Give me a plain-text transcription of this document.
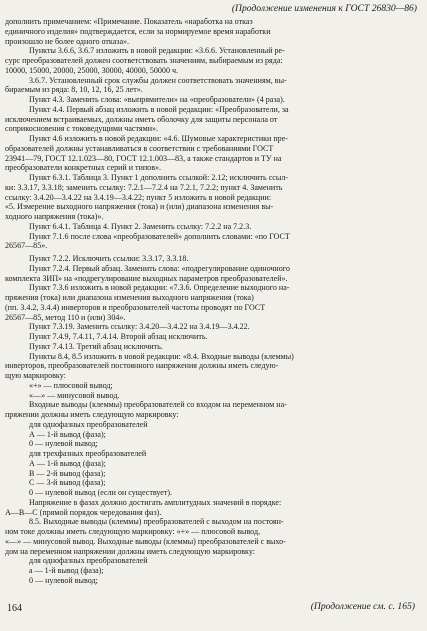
(Продолжение изменения к ГОСТ 26830—86)

дополнить примечанием: «Примечание. Показатель «наработка на отказ

единичного изделия» подтверждается, если за нормируемое время наработки

произошло не более одного отказа».

Пункты 3.6.6, 3.6.7 изложить в новой редакции: «3.6.6. Установленный ре-

сурс преобразователей должен соответствовать значениям, выбираемым из ряда:

10000, 15000, 20000, 25000, 30000, 40000, 50000 ч.

3.6.7. Установленный срок службы должен соответствовать значениям, вы-

бираемым из ряда: 8, 10, 12, 16, 25 лет».

Пункт 4.3. Заменить слова: «выпрямители» на «преобразователи» (4 раза).

Пункт 4.4. Первый абзац изложить в новой редакции: «Преобразователи, за

исключением встраиваемых, должны иметь оболочку для защиты персонала от

соприкосновения с токоведущими частями».

Пункт 4.6 изложить в новой редакции: «4.6. Шумовые характеристики пре-

образователей должны устанавливаться в соответствии с требованиями ГОСТ

23941—79, ГОСТ 12.1.023—80, ГОСТ 12.1.003—83, а также стандартов и ТУ на

преобразователи конкретных серий и типов».

Пункт 6.3.1. Таблица 3. Пункт 1 дополнить ссылкой: 2.12; исключить ссыл-

ки: 3.3.17, 3.3.18; заменить ссылку: 7.2.1—7.2.4 на 7.2.1, 7.2.2; пункт 4. Заменить

ссылку: 3.4.20—3.4.22 на 3.4.19—3.4.22; пункт 5 изложить в новой редакции:

«5. Измерение выходного напряжения (тока) и (или) диапазона изменения вы-

ходного напряжения (тока)».

Пункт 6.4.1. Таблица 4. Пункт 2. Заменить ссылку: 7.2.2 на 7.2.3.

Пункт 7.1.6 после слова «преобразователей» дополнить словами: «по ГОСТ

26567—85».

Пункт 7.2.2. Исключить ссылки: 3.3.17, 3.3.18.

Пункт 7.2.4. Первый абзац. Заменить слова: «подрегулирование одиночного

комплекта ЗИП» на «подрегулирование выходных параметров преобразователей».

Пункт 7.3.6 изложить в новой редакции: «7.3.6. Определение выходного на-

пряжения (тока) или диапазона изменения выходного напряжения (тока)

(пп. 3.4.2, 3.4.4) инверторов и преобразователей частоты проводят по ГОСТ

26567—85, метод 110 и (или) 304».

Пункт 7.3.19. Заменить ссылку: 3.4.20—3.4.22 на 3.4.19—3.4.22.

Пункт 7.4.9, 7.4.11, 7.4.14. Второй абзац исключить.

Пункт 7.4.13. Третий абзац исключить.

Пункты 8.4, 8.5 изложить в новой редакции: «8.4. Входные выводы (клеммы)

инверторов, преобразователей постоянного напряжения должны иметь следую-

щую маркировку:

«+» — плюсовой вывод;

«—» — минусовой вывод.

Входные выводы (клеммы) преобразователей со входом на переменном на-

пряжении должны иметь следующую маркировку:

для однофазных преобразователей

А — 1-й вывод (фаза);

0 — нулевой вывод;

для трехфазных преобразователей

А — 1-й вывод (фаза);

В — 2-й вывод (фаза);

С — 3-й вывод (фаза);

0 — нулевой вывод (если он существует).

Напряжение в фазах должно достигать амплитудных значений в порядке:

А—В—С (прямой порядок чередования фаз).

8.5. Выходные выводы (клеммы) преобразователей с выходом на постоян-

ном токе должны иметь следующую маркировку: «+» — плюсовой вывод,

«—» — минусовой вывод. Выходные выводы (клеммы) преобразователей с выхо-

дом на переменном напряжении должны иметь следующую маркировку:

для однофазных преобразователей

а — 1-й вывод (фаза);

0 — нулевой вывод;

164	(Продолжение см. с. 165)
